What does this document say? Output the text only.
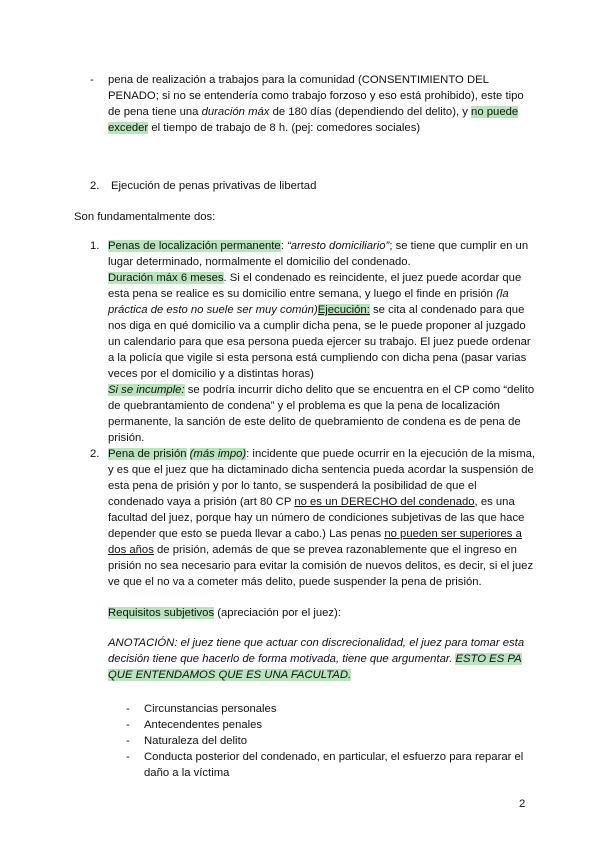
- pena de realización a trabajos para la comunidad (CONSENTIMIENTO DEL
PENADO; si no se entendería como trabajo forzoso y eso está prohibido), este tipo
de pena tiene una duración máx de 180 días (dependiendo del delito), y no puede
exceder el tiempo de trabajo de 8 h. (pej: comedores sociales)
2. Ejecución de penas privativas de libertad
Son fundamentalmente dos:
1. Penas de localización permanente: “arresto domiciliario”; se tiene que cumplir en un
lugar determinado, normalmente el domicilio del condenado.
Duración máx 6 meses. Si el condenado es reincidente, el juez puede acordar que
esta pena se realice es su domicilio entre semana, y luego el finde en prisión (la
práctica de esto no suele ser muy común)Ejecución: se cita al condenado para que
nos diga en qué domicilio va a cumplir dicha pena, se le puede proponer al juzgado
un calendario para que esa persona pueda ejercer su trabajo. El juez puede ordenar
a la policía que vigile si esta persona está cumpliendo con dicha pena (pasar varias
veces por el domicilio y a distintas horas)
Si se incumple: se podría incurrir dicho delito que se encuentra en el CP como “delito
de quebrantamiento de condena” y el problema es que la pena de localización
permanente, la sanción de este delito de quebramiento de condena es de pena de
prisión.
2. Pena de prisión (más impo): incidente que puede ocurrir en la ejecución de la misma,
y es que el juez que ha dictaminado dicha sentencia pueda acordar la suspensión de
esta pena de prisión y por lo tanto, se suspenderá la posibilidad de que el
condenado vaya a prisión (art 80 CP no es un DERECHO del condenado, es una
facultad del juez, porque hay un número de condiciones subjetivas de las que hace
depender que esto se pueda llevar a cabo.) Las penas no pueden ser superiores a
dos años de prisión, además de que se prevea razonablemente que el ingreso en
prisión no sea necesario para evitar la comisión de nuevos delitos, es decir, si el juez
ve que el no va a cometer más delito, puede suspender la pena de prisión.
Requisitos subjetivos (apreciación por el juez):
ANOTACIÓN: el juez tiene que actuar con discrecionalidad, el juez para tomar esta
decisión tiene que hacerlo de forma motivada, tiene que argumentar. ESTO ES PA
QUE ENTENDAMOS QUE ES UNA FACULTAD.
- Circunstancias personales
- Antecendentes penales
- Naturaleza del delito
- Conducta posterior del condenado, en particular, el esfuerzo para reparar el
daño a la víctima
2
